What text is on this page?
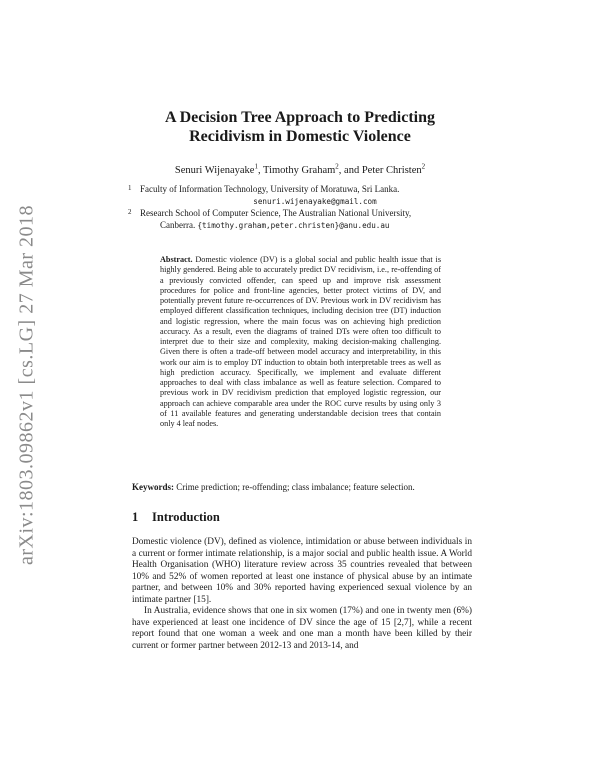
arXiv:1803.09862v1 [cs.LG] 27 Mar 2018
A Decision Tree Approach to Predicting
Recidivism in Domestic Violence
Senuri Wijenayake$^1$, Timothy Graham$^2$, and Peter Christen$^2$
1 Faculty of Information Technology, University of Moratuwa, Sri Lanka.
senuri.wijenayake@gmail.com
2 Research School of Computer Science, The Australian National University,
Canberra. {timothy.graham,peter.christen}@anu.edu.au
Abstract. Domestic violence (DV) is a global social and public health issue that is highly gendered. Being able to accurately predict DV recidivism, i.e., re-offending of a previously convicted offender, can speed up and improve risk assessment procedures for police and front-line agencies, better protect victims of DV, and potentially prevent future re-occurrences of DV. Previous work in DV recidivism has employed different classification techniques, including decision tree (DT) induction and logistic regression, where the main focus was on achieving high prediction accuracy. As a result, even the diagrams of trained DTs were often too difficult to interpret due to their size and complexity, making decision-making challenging. Given there is often a trade-off between model accuracy and interpretability, in this work our aim is to employ DT induction to obtain both interpretable trees as well as high prediction accuracy. Specifically, we implement and evaluate different approaches to deal with class imbalance as well as feature selection. Compared to previous work in DV recidivism prediction that employed logistic regression, our approach can achieve comparable area under the ROC curve results by using only 3 of 11 available features and generating understandable decision trees that contain only 4 leaf nodes.
Keywords: Crime prediction; re-offending; class imbalance; feature selection.
1 Introduction

Domestic violence (DV), defined as violence, intimidation or abuse between individuals in a current or former intimate relationship, is a major social and public health issue. A World Health Organisation (WHO) literature review across 35 countries revealed that between 10% and 52% of women reported at least one instance of physical abuse by an intimate partner, and between 10% and 30% reported having experienced sexual violence by an intimate partner [15].

In Australia, evidence shows that one in six women (17%) and one in twenty men (6%) have experienced at least one incidence of DV since the age of 15 [2,7], while a recent report found that one woman a week and one man a month have been killed by their current or former partner between 2012-13 and 2013-14, and
